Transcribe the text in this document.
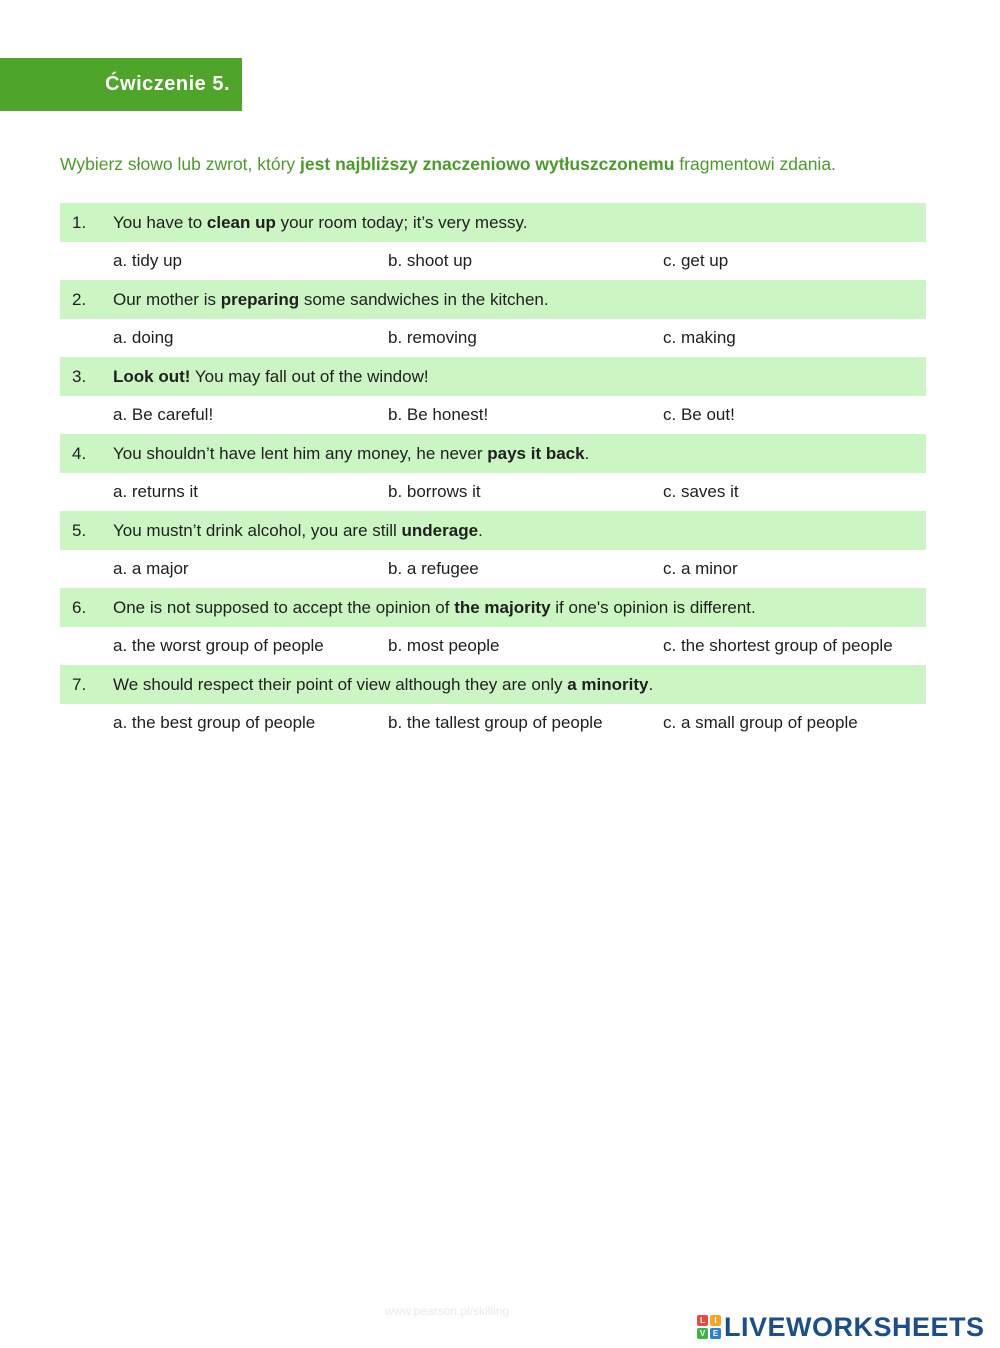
Ćwiczenie 5.
Wybierz słowo lub zwrot, który jest najbliższy znaczeniowo wytłuszczonemu fragmentowi zdania.
1. You have to clean up your room today; it’s very messy.
a. tidy up	b. shoot up	c. get up
2. Our mother is preparing some sandwiches in the kitchen.
a. doing	b. removing	c. making
3. Look out! You may fall out of the window!
a. Be careful!	b. Be honest!	c. Be out!
4. You shouldn’t have lent him any money, he never pays it back.
a. returns it	b. borrows it	c. saves it
5. You mustn’t drink alcohol, you are still underage.
a. a major	b. a refugee	c. a minor
6. One is not supposed to accept the opinion of the majority if one's opinion is different.
a. the worst group of people	b. most people	c. the shortest group of people
7. We should respect their point of view although they are only a minority.
a. the best group of people	b. the tallest group of people	c. a small group of people
www.pearson.pl/skilling
L	I
V E LIVEWORKSHEETS
